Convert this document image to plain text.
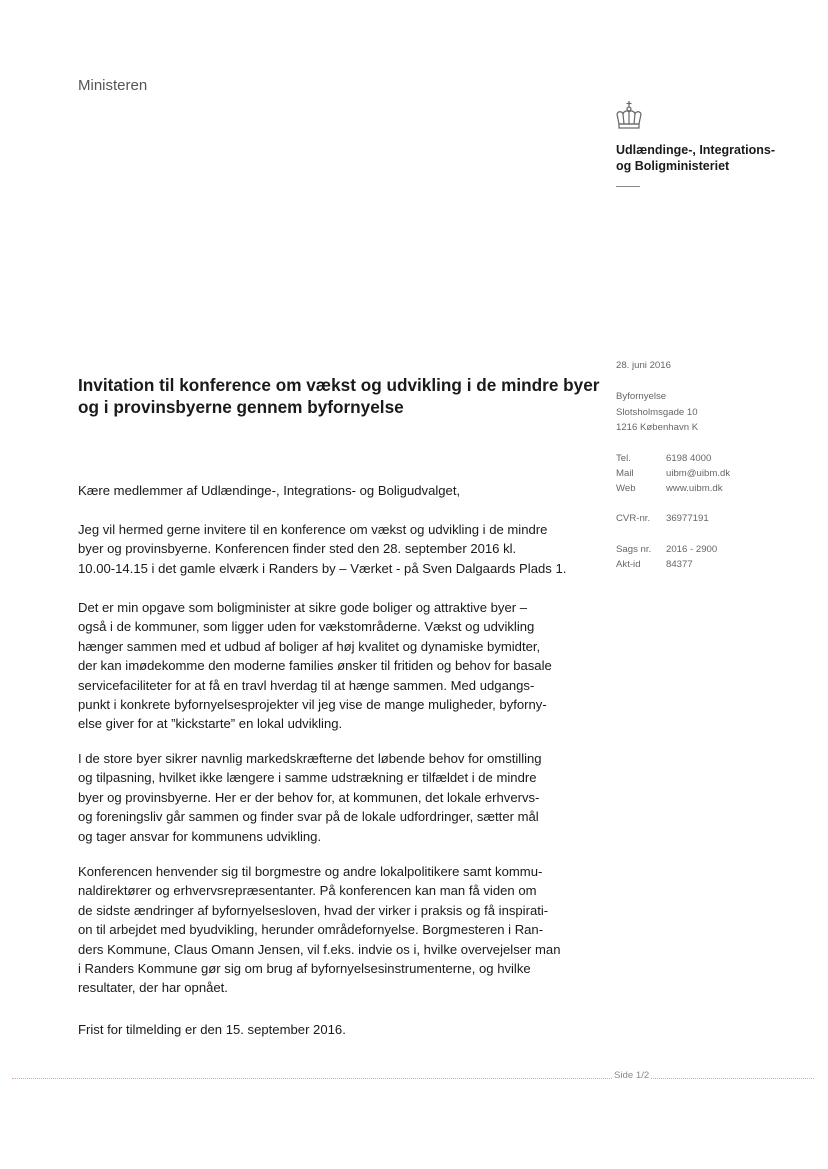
Ministeren
Udlændinge-, Integrations-
og Boligministeriet
28. juni 2016
Byfornyelse
Slotsholmsgade 10
1216 København K
Tel.	6198 4000
Mail	uibm@uibm.dk
Web	www.uibm.dk
CVR-nr.	36977191
Sags nr.	2016 - 2900
Akt-id	84377
Invitation til konference om vækst og udvikling i de mindre byer
og i provinsbyerne gennem byfornyelse
Kære medlemmer af Udlændinge-, Integrations- og Boligudvalget,
Jeg vil hermed gerne invitere til en konference om vækst og udvikling i de mindre
byer og provinsbyerne. Konferencen finder sted den 28. september 2016 kl.
10.00-14.15 i det gamle elværk i Randers by – Værket - på Sven Dalgaards Plads 1.
Det er min opgave som boligminister at sikre gode boliger og attraktive byer –
også i de kommuner, som ligger uden for vækstområderne. Vækst og udvikling
hænger sammen med et udbud af boliger af høj kvalitet og dynamiske bymidter,
der kan imødekomme den moderne families ønsker til fritiden og behov for basale
servicefaciliteter for at få en travl hverdag til at hænge sammen. Med udgangs-
punkt i konkrete byfornyelsesprojekter vil jeg vise de mange muligheder, byforny-
else giver for at ”kickstarte” en lokal udvikling.
I de store byer sikrer navnlig markedskræfterne det løbende behov for omstilling
og tilpasning, hvilket ikke længere i samme udstrækning er tilfældet i de mindre
byer og provinsbyerne. Her er der behov for, at kommunen, det lokale erhvervs-
og foreningsliv går sammen og finder svar på de lokale udfordringer, sætter mål
og tager ansvar for kommunens udvikling.
Konferencen henvender sig til borgmestre og andre lokalpolitikere samt kommu-
naldirektører og erhvervsrepræsentanter. På konferencen kan man få viden om
de sidste ændringer af byfornyelsesloven, hvad der virker i praksis og få inspirati-
on til arbejdet med byudvikling, herunder områdefornyelse. Borgmesteren i Ran-
ders Kommune, Claus Omann Jensen, vil f.eks. indvie os i, hvilke overvejelser man
i Randers Kommune gør sig om brug af byfornyelsesinstrumenterne, og hvilke
resultater, der har opnået.
Frist for tilmelding er den 15. september 2016.
Side 1/2
